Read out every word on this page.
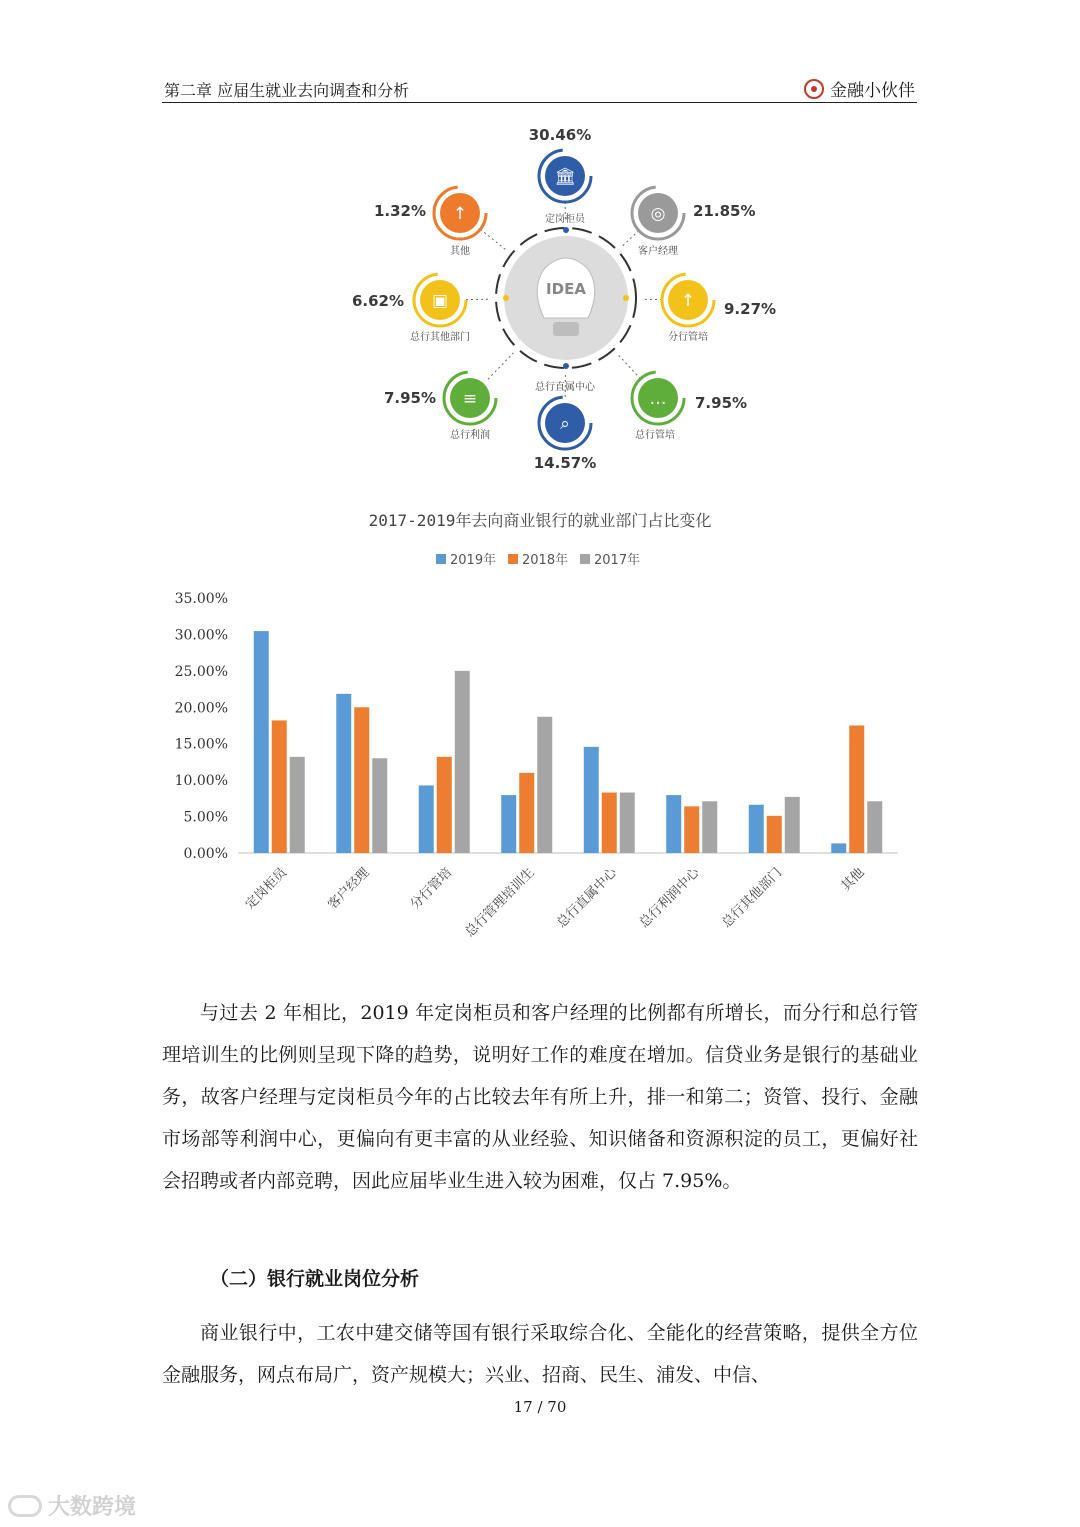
第二章 应届生就业去向调查和分析	金融小伙伴
IDEA
🏛
30.46%
定岗柜员	◎ 21.85%
客户经理
↑ 9.27%
分行管培
… 7.95%
总行管培
⌕
14.57%
总行直属中心
≡
7.95%
总行利润
▣
6.62%
总行其他部门
↑
1.32%
其他
2017-2019年去向商业银行的就业部门占比变化
2019年 2018年 2017年
0.00%
5.00%
10.00%
15.00%
20.00%
25.00%
30.00%
35.00%
定岗柜员	客户经理	分行管培 总行管理培训生 总行直属中心 总行利润中心 总行其他部门	其他

与过去 2 年相比，2019 年定岗柜员和客户经理的比例都有所增长，而分行和总行管理培训生的比例则呈现下降的趋势，说明好工作的难度在增加。信贷业务是银行的基础业务，故客户经理与定岗柜员今年的占比较去年有所上升，排一和第二；资管、投行、金融市场部等利润中心，更偏向有更丰富的从业经验、知识储备和资源积淀的员工，更偏好社会招聘或者内部竞聘，因此应届毕业生进入较为困难，仅占 7.95%。

（二）银行就业岗位分析

商业银行中，工农中建交储等国有银行采取综合化、全能化的经营策略，提供全方位金融服务，网点布局广，资产规模大；兴业、招商、民生、浦发、中信、

17 / 70
大数跨境
